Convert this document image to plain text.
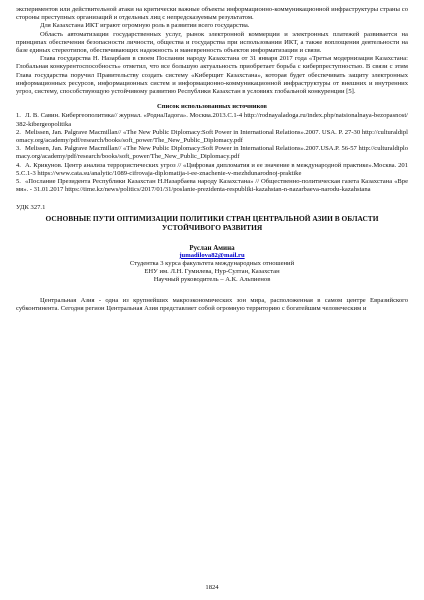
экспериментов или действительной атаки на критически важные объекты информационно-коммуникационной инфраструктуры страны со стороны преступных организаций и отдельных лиц с непредсказуемым результатом.

Для Казахстана ИКТ играют огромную роль в развитии всего государства.

Область автоматизации государственных услуг, рынок электронной коммерции и электронных платежей развивается на принципах обеспечения безопасности личности, общества и государства при использовании ИКТ, а также воплощения деятельности на базе единых стереотипов, обеспечивающих надежность и маневренность объектов информатизации и связи.

Глава государства Н. Назарбаев в своем Послании народу Казахстана от 31 января 2017 года «Третья модернизация Казахстана: Глобальная конкурентоспособность» отметил, что все большую актуальность приобретает борьба с киберпреступностью. В связи с этим Глава государства поручил Правительству создать систему «Киберщит Казахстана», которая будет обеспечивать защиту электронных информационных ресурсов, информационных систем и информационно-коммуникационной инфраструктуры от внешних и внутренних угроз, систему, способствующую устойчивому развитию Республики Казахстан в условиях глобальной конкуренции [5].

Список использованных источников
1. Л. В. Савин. Кибергеополитика// журнал. «РоднаЛадога». Москва.2013.С.1-4 http://rodnayaladoga.ru/index.php/natsionalnaya-bezopasnost/382-kibergeopolitika
2. Melissen, Jan. Palgrave Macmillan// «The New Public Diplomacy:Soft Power in International Relations».2007. USA. P. 27-30 http://culturaldiplomacy.org/academy/pdf/research/books/soft_power/The_New_Public_Diplomacy.pdf
3. Melissen, Jan. Palgrave Macmillan// «The New Public Diplomacy:Soft Power in International Relations».2007.USA.P. 56-57 http://culturaldiplomacy.org/academy/pdf/research/books/soft_power/The_New_Public_Diplomacy.pdf
4. А. Крикунов. Центр анализа террористических угроз // «Цифровая дипломатия и ее значение в международной практике».Москва. 2015.С.1-3 https://www.cata.su/analytic/1089-cifrovaja-diplomatija-i-ee-znachenie-v-mezhdunarodnoj-praktike
5. «Послание Президента Республики Казахстан Н.Назарбаева народу Казахстана» // Общественно-политическая газета Казахстана «Время». - 31.01.2017 https://time.kz/news/politics/2017/01/31/poslanie-prezidenta-respubliki-kazahstan-n-nazarbaeva-narodu-kazahstana
УДК 327.1
ОСНОВНЫЕ ПУТИ ОПТИМИЗАЦИИ ПОЛИТИКИ СТРАН ЦЕНТРАЛЬНОЙ АЗИИ В ОБЛАСТИ УСТОЙЧИВОГО РАЗВИТИЯ
Руслан Амина
jumadilova82@mail.ru
Студентка 3 курса факультета международных отношений
ЕНУ им. Л.Н. Гумилева, Нур-Султан, Казахстан
Научный руководитель – А.К. Альпиенов

Центральная Азия - одна из крупнейших макроэкономических зон мира, расположенная в самом центре Евразийского субконтинента. Сегодня регион Центральная Азия представляет собой огромную территорию с богатейшим человеческим и

1824
